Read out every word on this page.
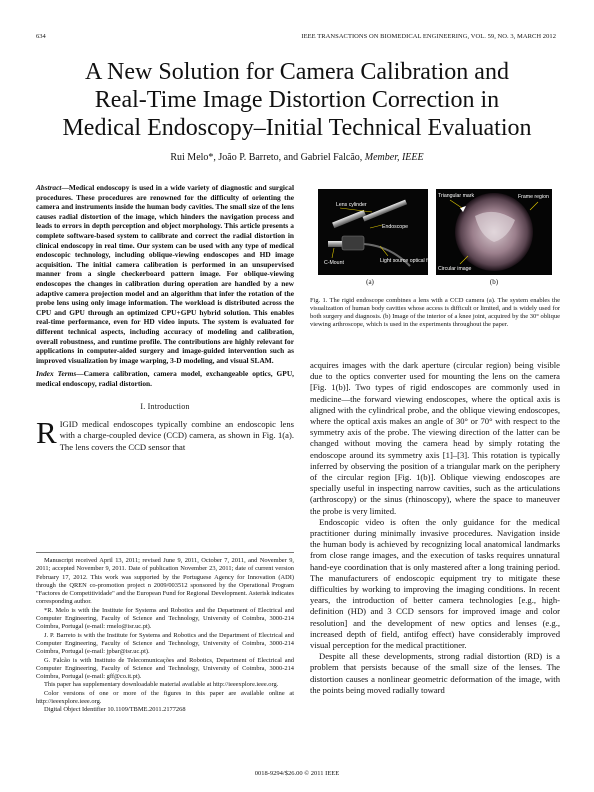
634	IEEE TRANSACTIONS ON BIOMEDICAL ENGINEERING, VOL. 59, NO. 3, MARCH 2012
A New Solution for Camera Calibration and
Real-Time Image Distortion Correction in
Medical Endoscopy–Initial Technical Evaluation
Rui Melo*, João P. Barreto, and Gabriel Falcão, Member, IEEE
Abstract—Medical endoscopy is used in a wide variety of diagnostic and surgical procedures. These procedures are renowned for the difficulty of orienting the camera and instruments inside the human body cavities. The small size of the lens causes radial distortion of the image, which hinders the navigation process and leads to errors in depth perception and object morphology. This article presents a complete software-based system to calibrate and correct the radial distortion in clinical endoscopy in real time. Our system can be used with any type of medical endoscopic technology, including oblique-viewing endoscopes and HD image acquisition. The initial camera calibration is performed in an unsupervised manner from a single checkerboard pattern image. For oblique-viewing endoscopes the changes in calibration during operation are handled by a new adaptive camera projection model and an algorithm that infer the rotation of the probe lens using only image information. The workload is distributed across the CPU and GPU through an optimized CPU+GPU hybrid solution. This enables real-time performance, even for HD video inputs. The system is evaluated for different technical aspects, including accuracy of modeling and calibration, overall robustness, and runtime profile. The contributions are highly relevant for applications in computer-aided surgery and image-guided intervention such as improved visualization by image warping, 3-D modeling, and visual SLAM.
Index Terms—Camera calibration, camera model, exchangeable optics, GPU, medical endoscopy, radial distortion.
I. Introduction
RIGID medical endoscopes typically combine an endoscopic lens with a charge-coupled device (CCD) camera, as shown in Fig. 1(a). The lens covers the CCD sensor that

Manuscript received April 13, 2011; revised June 9, 2011, October 7, 2011, and November 9, 2011; accepted November 9, 2011. Date of publication November 23, 2011; date of current version February 17, 2012. This work was supported by the Portuguese Agency for Innovation (ADI) through the QREN co-promotion project n 2009/003512 sponsored by the Operational Program "Factores de Competitividade" and the European Fund for Regional Development. Asterisk indicates corresponding author.

*R. Melo is with the Institute for Systems and Robotics and the Department of Electrical and Computer Engineering, Faculty of Science and Technology, University of Coimbra, 3000-214 Coimbra, Portugal (e-mail: rmelo@isr.uc.pt).

J. P. Barreto is with the Institute for Systems and Robotics and the Department of Electrical and Computer Engineering, Faculty of Science and Technology, University of Coimbra, 3000-214 Coimbra, Portugal (e-mail: jpbar@isr.uc.pt).

G. Falcão is with Instituto de Telecomunicações and Robotics, Department of Electrical and Computer Engineering, Faculty of Science and Technology, University of Coimbra, 3000-214 Coimbra, Portugal (e-mail: gff@co.it.pt).

This paper has supplementary downloadable material available at http://ieeexplore.ieee.org.

Color versions of one or more of the figures in this paper are available online at http://ieeexplore.ieee.org.

Digital Object Identifier 10.1109/TBME.2011.2177268

Lens cylinder
Endoscope
C-Mount	Light source optical fiber
(a)
Triangular mark	Frame region
Circular image
(b)
Fig. 1. The rigid endoscope combines a lens with a CCD camera (a). The system enables the visualization of human body cavities whose access is difficult or limited, and is widely used for both surgery and diagnosis. (b) Image of the interior of a knee joint, acquired by the 30° oblique viewing arthroscope, which is used in the experiments throughout the paper.

acquires images with the dark aperture (circular region) being visible due to the optics converter used for mounting the lens on the camera [Fig. 1(b)]. Two types of rigid endoscopes are commonly used in medicine—the forward viewing endoscopes, where the optical axis is aligned with the cylindrical probe, and the oblique viewing endoscopes, where the optical axis makes an angle of 30° or 70° with respect to the symmetry axis of the probe. The viewing direction of the latter can be changed without moving the camera head by simply rotating the endoscope around its symmetry axis [1]–[3]. This rotation is typically inferred by observing the position of a triangular mark on the periphery of the circular region [Fig. 1(b)]. Oblique viewing endoscopes are specially useful in inspecting narrow cavities, such as the articulations (arthroscopy) or the sinus (rhinoscopy), where the space to maneuver the probe is very limited.

Endoscopic video is often the only guidance for the medical practitioner during minimally invasive procedures. Navigation inside the human body is achieved by recognizing local anatomical landmarks from close range images, and the execution of tasks requires unnatural hand-eye coordination that is only mastered after a long training period. The manufacturers of endoscopic equipment try to mitigate these difficulties by working to improving the imaging conditions. In recent years, the introduction of better camera technologies [e.g., high-definition (HD) and 3 CCD sensors for improved image and color resolution] and the development of new optics and lenses (e.g., increased depth of field, antifog effect) have considerably improved visual perception for the medical practitioner.

Despite all these developments, strong radial distortion (RD) is a problem that persists because of the small size of the lenses. The distortion causes a nonlinear geometric deformation of the image, with the points being moved radially toward

0018-9294/$26.00 © 2011 IEEE
